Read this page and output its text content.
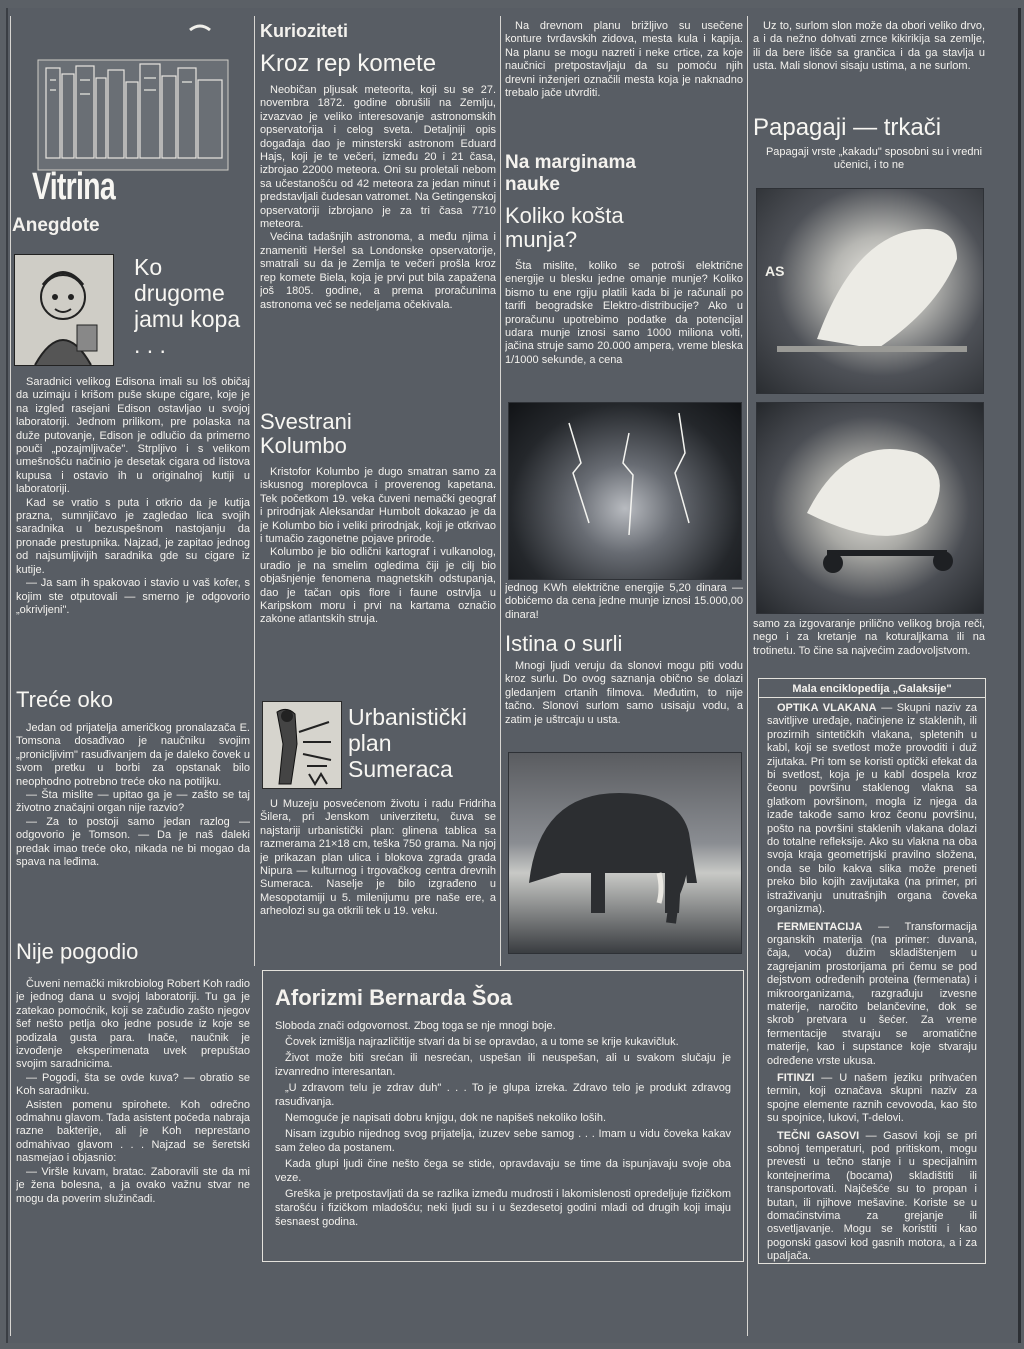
Vitrina
Anegdote
Ko drugome jamu kopa . . .

Saradnici velikog Edisona imali su loš običaj da uzimaju i krišom puše skupe cigare, koje je na izgled rasejani Edison ostavljao u svojoj laboratoriji. Jednom prilikom, pre polaska na duže putovanje, Edison je odlučio da primerno pouči „pozajmljivače". Strpljivo i s velikom umešnošću načinio je desetak cigara od listova kupusa i ostavio ih u originalnoj kutiji u laboratoriji.

Kad se vratio s puta i otkrio da je kutija prazna, sumnjičavo je zagledao lica svojih saradnika u bezuspešnom nastojanju da pronađe prestupnika. Najzad, je zapitao jednog od najsumljivijih saradnika gde su cigare iz kutije.

— Ja sam ih spakovao i stavio u vaš kofer, s kojim ste otputovali — smerno je odgovorio „okrivljeni".

Treće oko

Jedan od prijatelja američkog pronalazača E. Tomsona dosađivao je naučniku svojim „pronicljivim" rasuđivanjem da je daleko čovek u svom pretku u borbi za opstanak bilo neophodno potrebno treće oko na potiljku.

— Šta mislite — upitao ga je — zašto se taj životno značajni organ nije razvio?

— Za to postoji samo jedan razlog — odgovorio je Tomson. — Da je naš daleki predak imao treće oko, nikada ne bi mogao da spava na leđima.

Nije pogodio

Čuveni nemački mikrobiolog Robert Koh radio je jednog dana u svojoj laboratoriji. Tu ga je zatekao pomoćnik, koji se začudio zašto njegov šef nešto petlja oko jedne posude iz koje se podizala gusta para. Inače, naučnik je izvođenje eksperimenata uvek prepuštao svojim saradnicima.

— Pogodi, šta se ovde kuva? — obratio se Koh saradniku.

Asisten pomenu spirohete. Koh odrečno odmahnu glavom. Tada asistent poćeda nabraja razne bakterije, ali je Koh neprestano odmahivao glavom . . . Najzad se šeretski nasmejao i objasnio:

— Viršle kuvam, bratac. Zaboravili ste da mi je žena bolesna, a ja ovako važnu stvar ne mogu da poverim služinčadi.

Kuriozitetі
Kroz rep komete

Neobičan pljusak meteorita, koji su se 27. novembra 1872. godine obrušili na Zemlju, izvazvao je veliko interesovanje astronomskih opservatorija i celog sveta. Detaljniji opis događaja dao je minsterski astronom Eduard Hajs, koji je te večeri, između 20 i 21 časa, izbrojao 22000 meteora. Oni su proletali nebom sa učestanošću od 42 meteora za jedan minut i predstavljali čudesan vatromet. Na Getingenskoj opservatoriji izbrojano je za tri časa 7710 meteora.

Većina tadašnjih astronoma, a među njima i znameniti Heršel sa Londonske opservatorije, smatrali su da je Zemlja te večeri prošla kroz rep komete Biela, koja je prvi put bila zapažena još 1805. godine, a prema proračunima astronoma već se nedeljama očekivala.

Svestrani Kolumbo

Kristofor Kolumbo je dugo smatran samo za iskusnog moreplovca i proverenog kapetana. Tek početkom 19. veka čuveni nemački geograf i prirodnjak Aleksandar Humbolt dokazao je da je Kolumbo bio i veliki prirodnjak, koji je otkrivao i tumačio zagonetne pojave prirode.

Kolumbo je bio odlični kartograf i vulkanolog, uradio je na smelim ogledima čiji je cilj bio objašnjenje fenomena magnetskih odstupanja, dao je tačan opis flore i faune ostrvlja u Karipskom moru i prvi na kartama označio zakone atlantskih struja.

Urbanistički plan Sumeraca

U Muzeju posvećenom životu i radu Fridriha Šilera, pri Jenskom univerzitetu, čuva se najstariji urbanistički plan: glinena tablica sa razmerama 21×18 cm, teška 750 grama. Na njoj je prikazan plan ulica i blokova zgrada grada Nipura — kulturnog i trgovačkog centra drevnih Sumeraca. Naselje je bilo izgrađeno u Mesopotamiji u 5. milenijumu pre naše ere, a arheolozi su ga otkrili tek u 19. veku.

Na drevnom planu brižljivo su usečene konture tvrđavskih zidova, mesta kula i kapija. Na planu se mogu nazreti i neke crtice, za koje naučnici pretpostavljaju da su pomoću njih drevni inženjeri označili mesta koja je naknadno trebalo jače utvrditi.

Na marginama nauke
Koliko košta munja?

Šta mislite, koliko se potroši električne energije u blesku jedne omanje munje? Koliko bismo tu ene rgiju platili kada bi je računali po tarifi beogradske Elektro-distribucije? Ako u proračunu upotrebimo podatke da potencijal udara munje iznosi samo 1000 miliona volti, jačina struje samo 20.000 ampera, vreme bleska 1/1000 sekunde, a cena

jednog KWh električne energije 5,20 dinara — dobićemo da cena jedne munje iznosi 15.000,00 dinara!

Istina o surli

Mnogi ljudi veruju da slonovi mogu piti vodu kroz surlu. Do ovog saznanja obično se dolazi gledanjem crtanih filmova. Međutim, to nije tačno. Slonovi surlom samo usisaju vodu, a zatim je uštrcaju u usta.

Uz to, surlom slon može da obori veliko drvo, a i da nežno dohvati zrnce kikirikija sa zemlje, ili da bere lišće sa grančica i da ga stavlja u usta. Mali slonovi sisaju ustima, a ne surlom.

Papagaji — trkači

Papagaji vrste „kakadu" sposobni su i vredni učenici, i to ne

AS

samo za izgovaranje prilično velikog broja reči, nego i za kretanje na koturaljkama ili na trotinetu. To čine sa najvećim zadovoljstvom.

Mala enciklopedija „Galaksije"

OPTIKA VLAKANA — Skupni naziv za savitljive uređaje, načinjene iz staklenih, ili prozirnih sintetičkih vlakana, spletenih u kabl, koji se svetlost može provoditi i duž zijutaka. Pri tom se koristi optički efekat da bi svetlost, koja je u kabl dospela kroz čeonu površinu staklenog vlakna sa glatkom površinom, mogla iz njega da izađe takođe samo kroz čeonu površinu, pošto na površini staklenih vlakana dolazi do totalne refleksije. Ako su vlakna na oba svoja kraja geometrijski pravilno složena, onda se bilo kakva slika može preneti preko bilo kojih zavijutaka (na primer, pri istraživanju unutrašnjih organa čoveka organizma).

FERMENTACIJA — Transformacija organskih materija (na primer: duvana, čaja, voća) dužim skladištenjem u zagrejanim prostorijama pri čemu se pod dejstvom određenih proteina (fermenata) i mikroorganizama, razgrađuju izvesne materije, naročito belančevine, dok se skrob pretvara u šećer. Za vreme fermentacije stvaraju se aromatične materije, kao i supstance koje stvaraju određene vrste ukusa.

FITINZI — U našem jeziku prihvaćen termin, koji označava skupni naziv za spojne elemente raznih cevovoda, kao što su spojnice, lukovi, T-delovi.

TEČNI GASOVI — Gasovi koji se pri sobnoj temperaturi, pod pritiskom, mogu prevesti u tečno stanje i u specijalnim kontejnerima (bocama) skladištiti ili transportovati. Najčešće su to propan i butan, ili njihove mešavine. Koriste se u domaćinstvima za grejanje ili osvetljavanje. Mogu se koristiti i kao pogonski gasovi kod gasnih motora, a i za upaljača.

Aforizmi Bernarda Šoa

Sloboda znači odgovornost. Zbog toga se nje mnogi boje.

Čovek izmišlja najrazličitije stvari da bi se opravdao, a u tome se krije kukavičluk.

Život može biti srećan ili nesrećan, uspešan ili neuspešan, ali u svakom slučaju je izvanredno interesantan.

„U zdravom telu je zdrav duh" . . . To je glupa izreka. Zdravo telo je produkt zdravog rasuđivanja.

Nemoguće je napisati dobru knjigu, dok ne napišeš nekoliko loših.

Nisam izgubio nijednog svog prijatelja, izuzev sebe samog . . . Imam u vidu čoveka kakav sam želeo da postanem.

Kada glupi ljudi čine nešto čega se stide, opravdavaju se time da ispunjavaju svoje oba veze.

Greška je pretpostavljati da se razlika između mudrosti i lakomislenosti opredeljuje fizičkom starošću i fizičkom mladošću; neki ljudi su i u šezdesetoj godini mladi od drugih koji imaju šesnaest godina.
